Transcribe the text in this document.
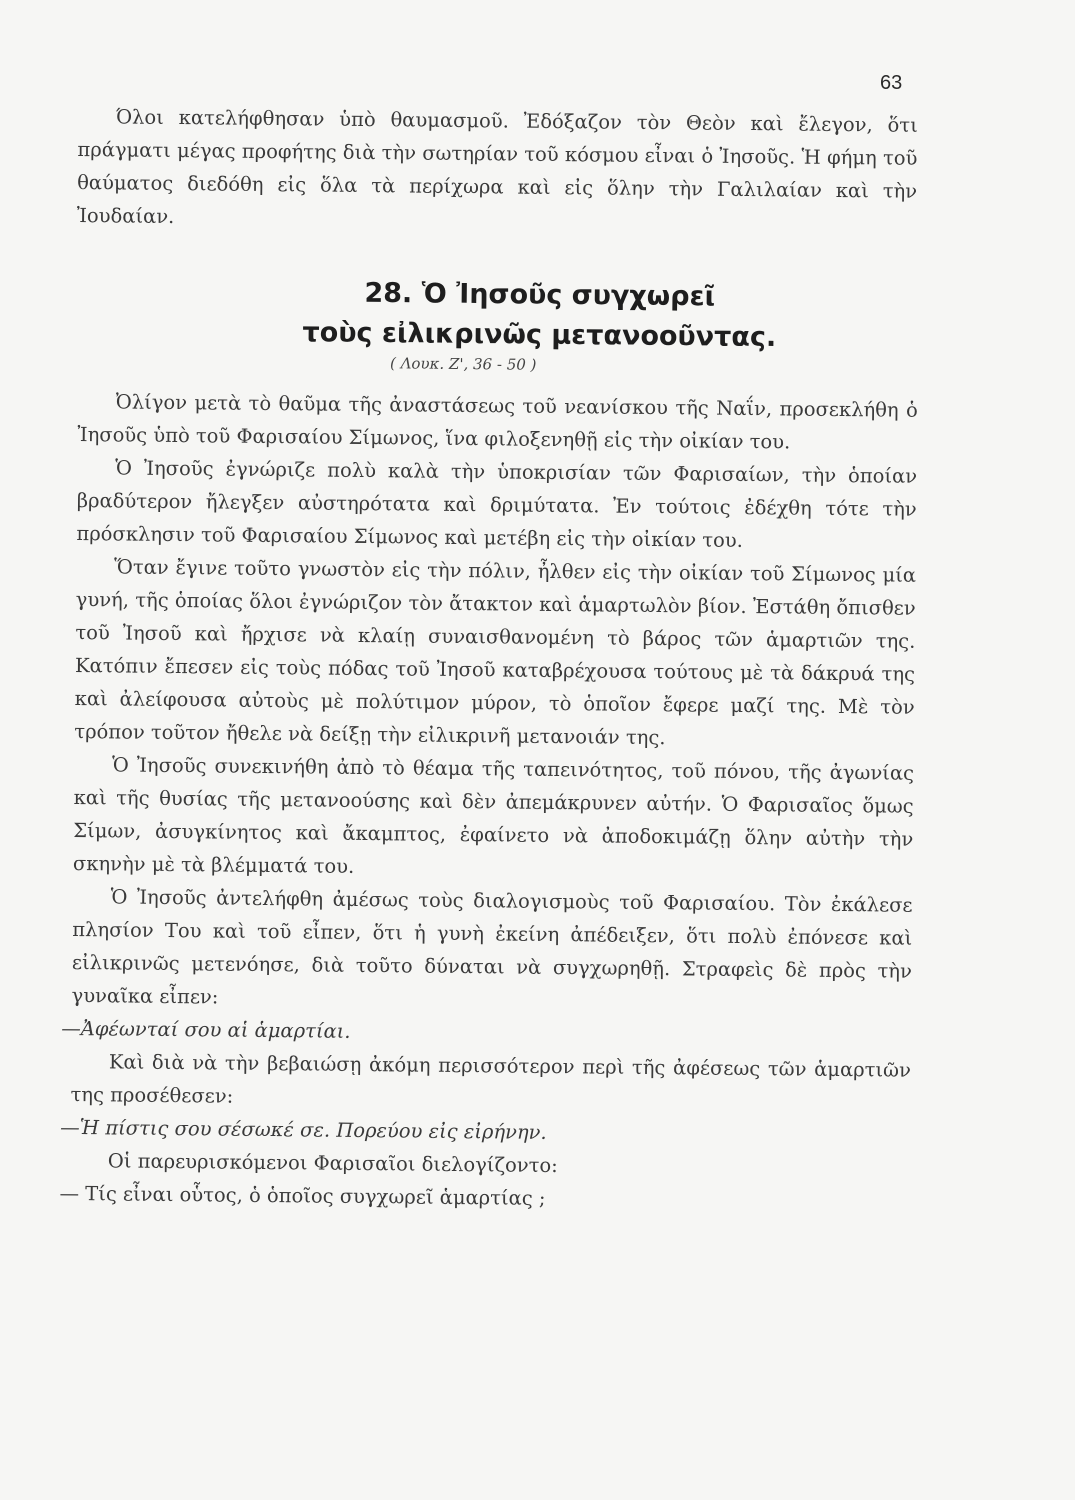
63

Όλοι κατελήφθησαν ὑπὸ θαυμασμοῦ. Ἐδόξαζον τὸν Θεὸν καὶ ἔλεγον, ὅτι πράγματι μέγας προφήτης διὰ τὴν σωτηρίαν τοῦ κόσμου εἶναι ὁ Ἰησοῦς. Ἡ φήμη τοῦ θαύματος διεδόθη εἰς ὅλα τὰ περίχωρα καὶ εἰς ὅλην τὴν Γαλιλαίαν καὶ τὴν Ἰουδαίαν.

28. Ὁ Ἰησοῦς συγχωρεῖ
τοὺς εἰλικρινῶς μετανοοῦντας.
( Λουκ. Ζ', 36 - 50 )

Ὀλίγον μετὰ τὸ θαῦμα τῆς ἀναστάσεως τοῦ νεανίσκου τῆς Ναΐν, προσεκλήθη ὁ Ἰησοῦς ὑπὸ τοῦ Φαρισαίου Σίμωνος, ἵνα φιλοξενηθῇ εἰς τὴν οἰκίαν του.

Ὁ Ἰησοῦς ἐγνώριζε πολὺ καλὰ τὴν ὑποκρισίαν τῶν Φαρισαίων, τὴν ὁποίαν βραδύτερον ἤλεγξεν αὐστηρότατα καὶ δριμύτατα. Ἐν τούτοις ἐδέχθη τότε τὴν πρόσκλησιν τοῦ Φαρισαίου Σίμωνος καὶ μετέβη εἰς τὴν οἰκίαν του.

Ὅταν ἔγινε τοῦτο γνωστὸν εἰς τὴν πόλιν, ἦλθεν εἰς τὴν οἰκίαν τοῦ Σίμωνος μία γυνή, τῆς ὁποίας ὅλοι ἐγνώριζον τὸν ἄτακτον καὶ ἁμαρτωλὸν βίον. Ἐστάθη ὄπισθεν τοῦ Ἰησοῦ καὶ ἤρχισε νὰ κλαίῃ συναισθανομένη τὸ βάρος τῶν ἁμαρτιῶν της. Κατόπιν ἔπεσεν εἰς τοὺς πόδας τοῦ Ἰησοῦ καταβρέχουσα τούτους μὲ τὰ δάκρυά της καὶ ἀλείφουσα αὐτοὺς μὲ πολύτιμον μύρον, τὸ ὁποῖον ἔφερε μαζί της. Μὲ τὸν τρόπον τοῦτον ἤθελε νὰ δείξῃ τὴν εἰλικρινῆ μετανοιάν της.

Ὁ Ἰησοῦς συνεκινήθη ἀπὸ τὸ θέαμα τῆς ταπεινότητος, τοῦ πόνου, τῆς ἀγωνίας καὶ τῆς θυσίας τῆς μετανοούσης καὶ δὲν ἀπεμάκρυνεν αὐτήν. Ὁ Φαρισαῖος ὅμως Σίμων, ἀσυγκίνητος καὶ ἄκαμπτος, ἐφαίνετο νὰ ἀποδοκιμάζῃ ὅλην αὐτὴν τὴν σκηνὴν μὲ τὰ βλέμματά του.

Ὁ Ἰησοῦς ἀντελήφθη ἀμέσως τοὺς διαλογισμοὺς τοῦ Φαρισαίου. Τὸν ἐκάλεσε πλησίον Του καὶ τοῦ εἶπεν, ὅτι ἡ γυνὴ ἐκείνη ἀπέδειξεν, ὅτι πολὺ ἐπόνεσε καὶ εἰλικρινῶς μετενόησε, διὰ τοῦτο δύναται νὰ συγχωρηθῇ. Στραφεὶς δὲ πρὸς τὴν γυναῖκα εἶπεν:

—Ἀφέωνταί σου αἱ ἁμαρτίαι.

Καὶ διὰ νὰ τὴν βεβαιώσῃ ἀκόμη περισσότερον περὶ τῆς ἀφέσεως τῶν ἁμαρτιῶν της προσέθεσεν:

—Ἡ πίστις σου σέσωκέ σε. Πορεύου εἰς εἰρήνην.

Οἱ παρευρισκόμενοι Φαρισαῖοι διελογίζοντο:

— Τίς εἶναι οὗτος, ὁ ὁποῖος συγχωρεῖ ἁμαρτίας ;
